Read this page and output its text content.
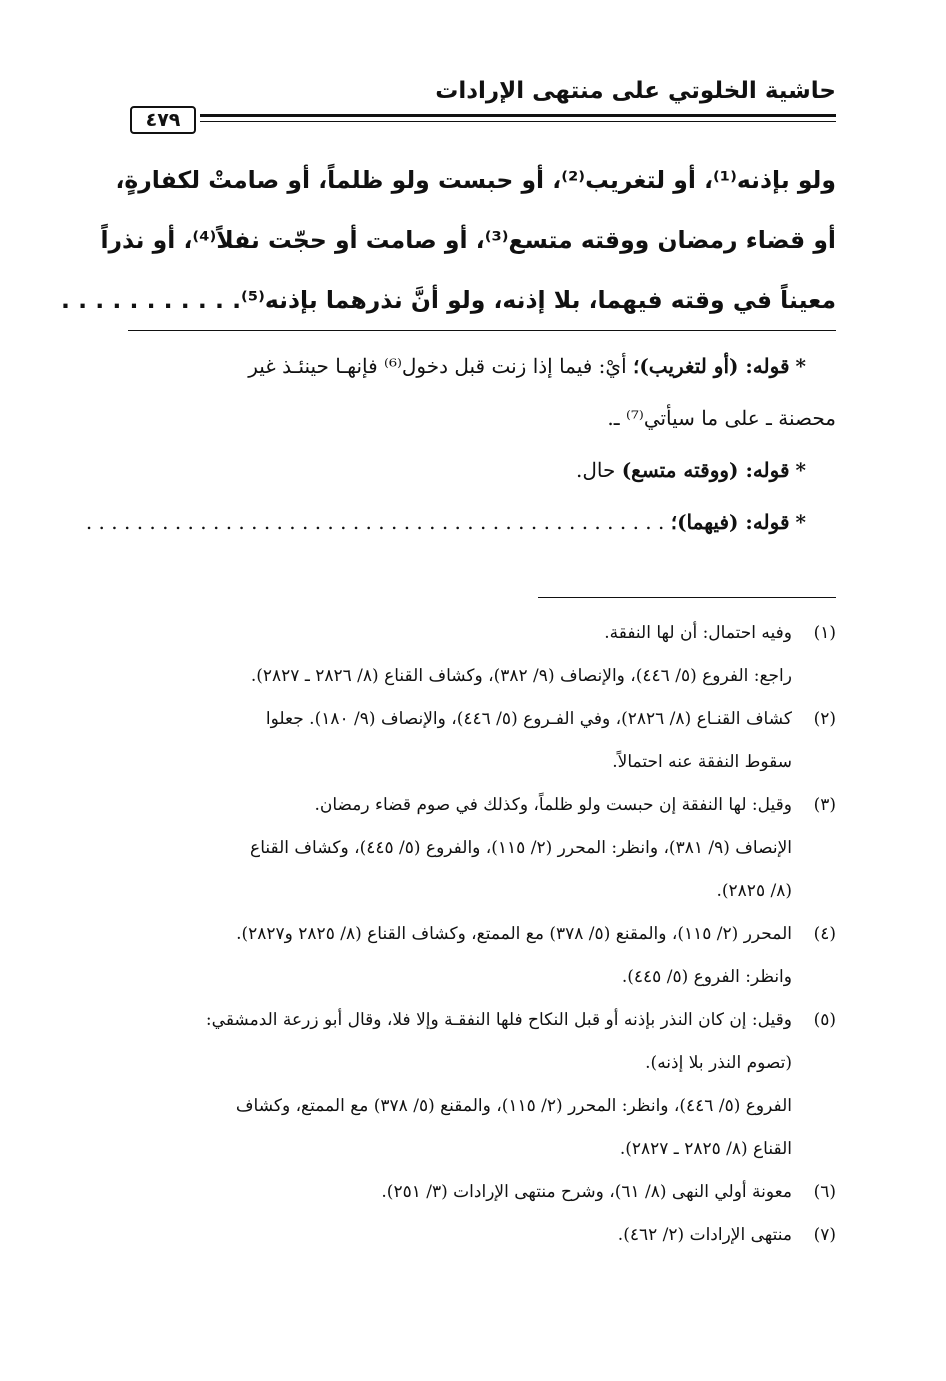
حاشية الخلوتي على منتهى الإرادات
٤٧٩
ولو بإذنه⁽¹⁾، أو لتغريب⁽²⁾، أو حبست ولو ظلماً، أو صامتْ لكفارةٍ،
أو قضاء رمضان ووقته متسع⁽³⁾، أو صامت أو حجّت نفلاً⁽⁴⁾، أو نذراً
معيناً في وقته فيهما، بلا إذنه، ولو أنَّ نذرهما بإذنه⁽⁵⁾. . . . . . . . . . .
*قوله: (أو لتغريب)؛ أيْ: فيما إذا زنت قبل دخول⁽⁶⁾ فإنهـا حينئـذ غير
محصنة ـ على ما سيأتي⁽⁷⁾ ـ.
*قوله: (ووقته متسع) حال.
*قوله: (فيهما)؛ . . . . . . . . . . . . . . . . . . . . . . . . . . . . . . . . . . . . . . . . . . . . . .
(١)
وفيه احتمال: أن لها النفقة.
راجع: الفروع (٥/ ٤٤٦)، والإنصاف (٩/ ٣٨٢)، وكشاف القناع (٨/ ٢٨٢٦ ـ ٢٨٢٧).
(٢)
كشاف القنـاع (٨/ ٢٨٢٦)، وفي الفـروع (٥/ ٤٤٦)، والإنصاف (٩/ ١٨٠). جعلوا
سقوط النفقة عنه احتمالاً.
(٣)
وقيل: لها النفقة إن حبست ولو ظلماً، وكذلك في صوم قضاء رمضان.
الإنصاف (٩/ ٣٨١)، وانظر: المحرر (٢/ ١١٥)، والفروع (٥/ ٤٤٥)، وكشاف القناع
(٨/ ٢٨٢٥).
(٤)
المحرر (٢/ ١١٥)، والمقنع (٥/ ٣٧٨) مع الممتع، وكشاف القناع (٨/ ٢٨٢٥ و٢٨٢٧).
وانظر: الفروع (٥/ ٤٤٥).
(٥)
وقيل: إن كان النذر بإذنه أو قبل النكاح فلها النفقـة وإلا فلا، وقال أبو زرعة الدمشقي:
(تصوم النذر بلا إذنه).
الفروع (٥/ ٤٤٦)، وانظر: المحرر (٢/ ١١٥)، والمقنع (٥/ ٣٧٨) مع الممتع، وكشاف
القناع (٨/ ٢٨٢٥ ـ ٢٨٢٧).
(٦)
معونة أولي النهى (٨/ ٦١)، وشرح منتهى الإرادات (٣/ ٢٥١).
(٧)
منتهى الإرادات (٢/ ٤٦٢).
